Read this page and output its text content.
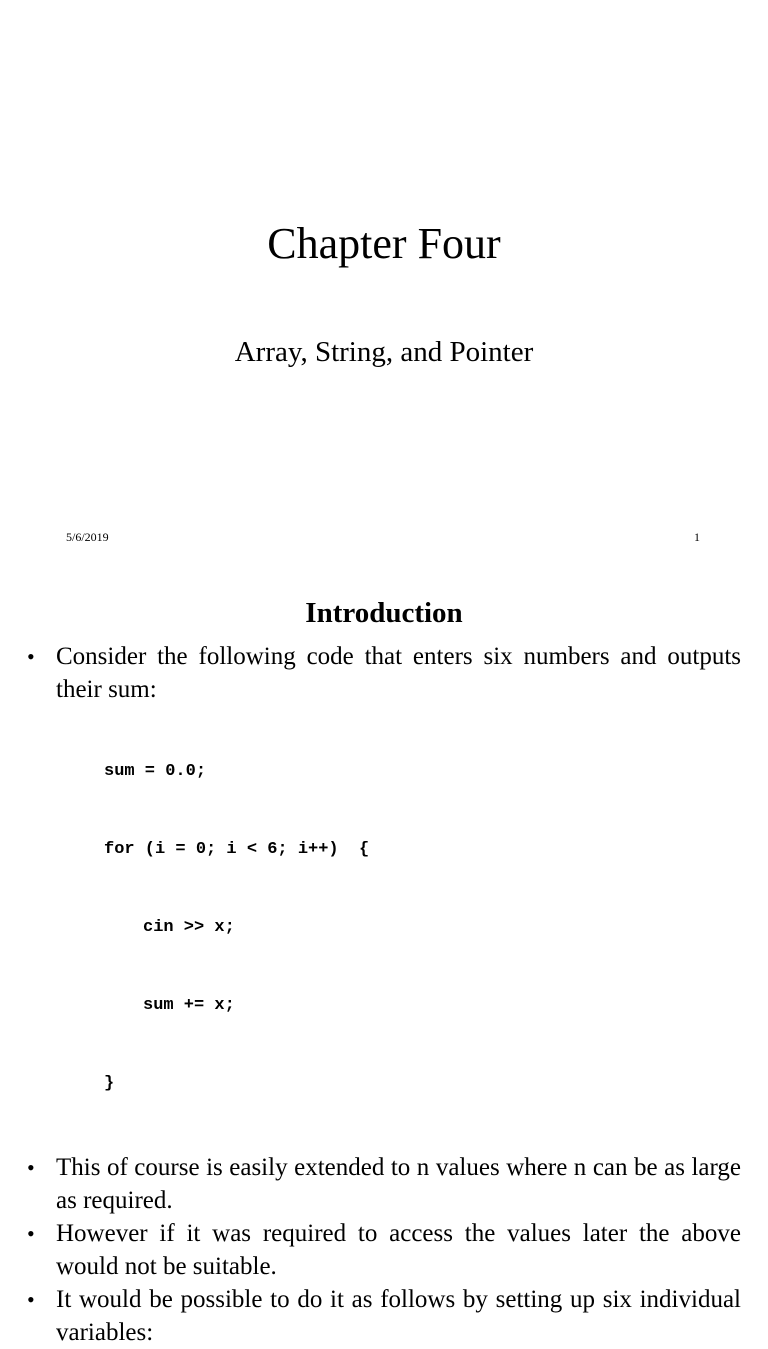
Chapter Four
Array, String, and Pointer
5/6/2019	1
Introduction
• Consider the following code that enters six numbers and outputs their sum:

sum = 0.0;

for (i = 0; i < 6; i++)  {

cin >> x;

sum += x;

}

• This of course is easily extended to n values where n can be as large as required.
• However if it was required to access the values later the above would not be suitable.
• It would be possible to do it as follows by setting up six individual variables:
